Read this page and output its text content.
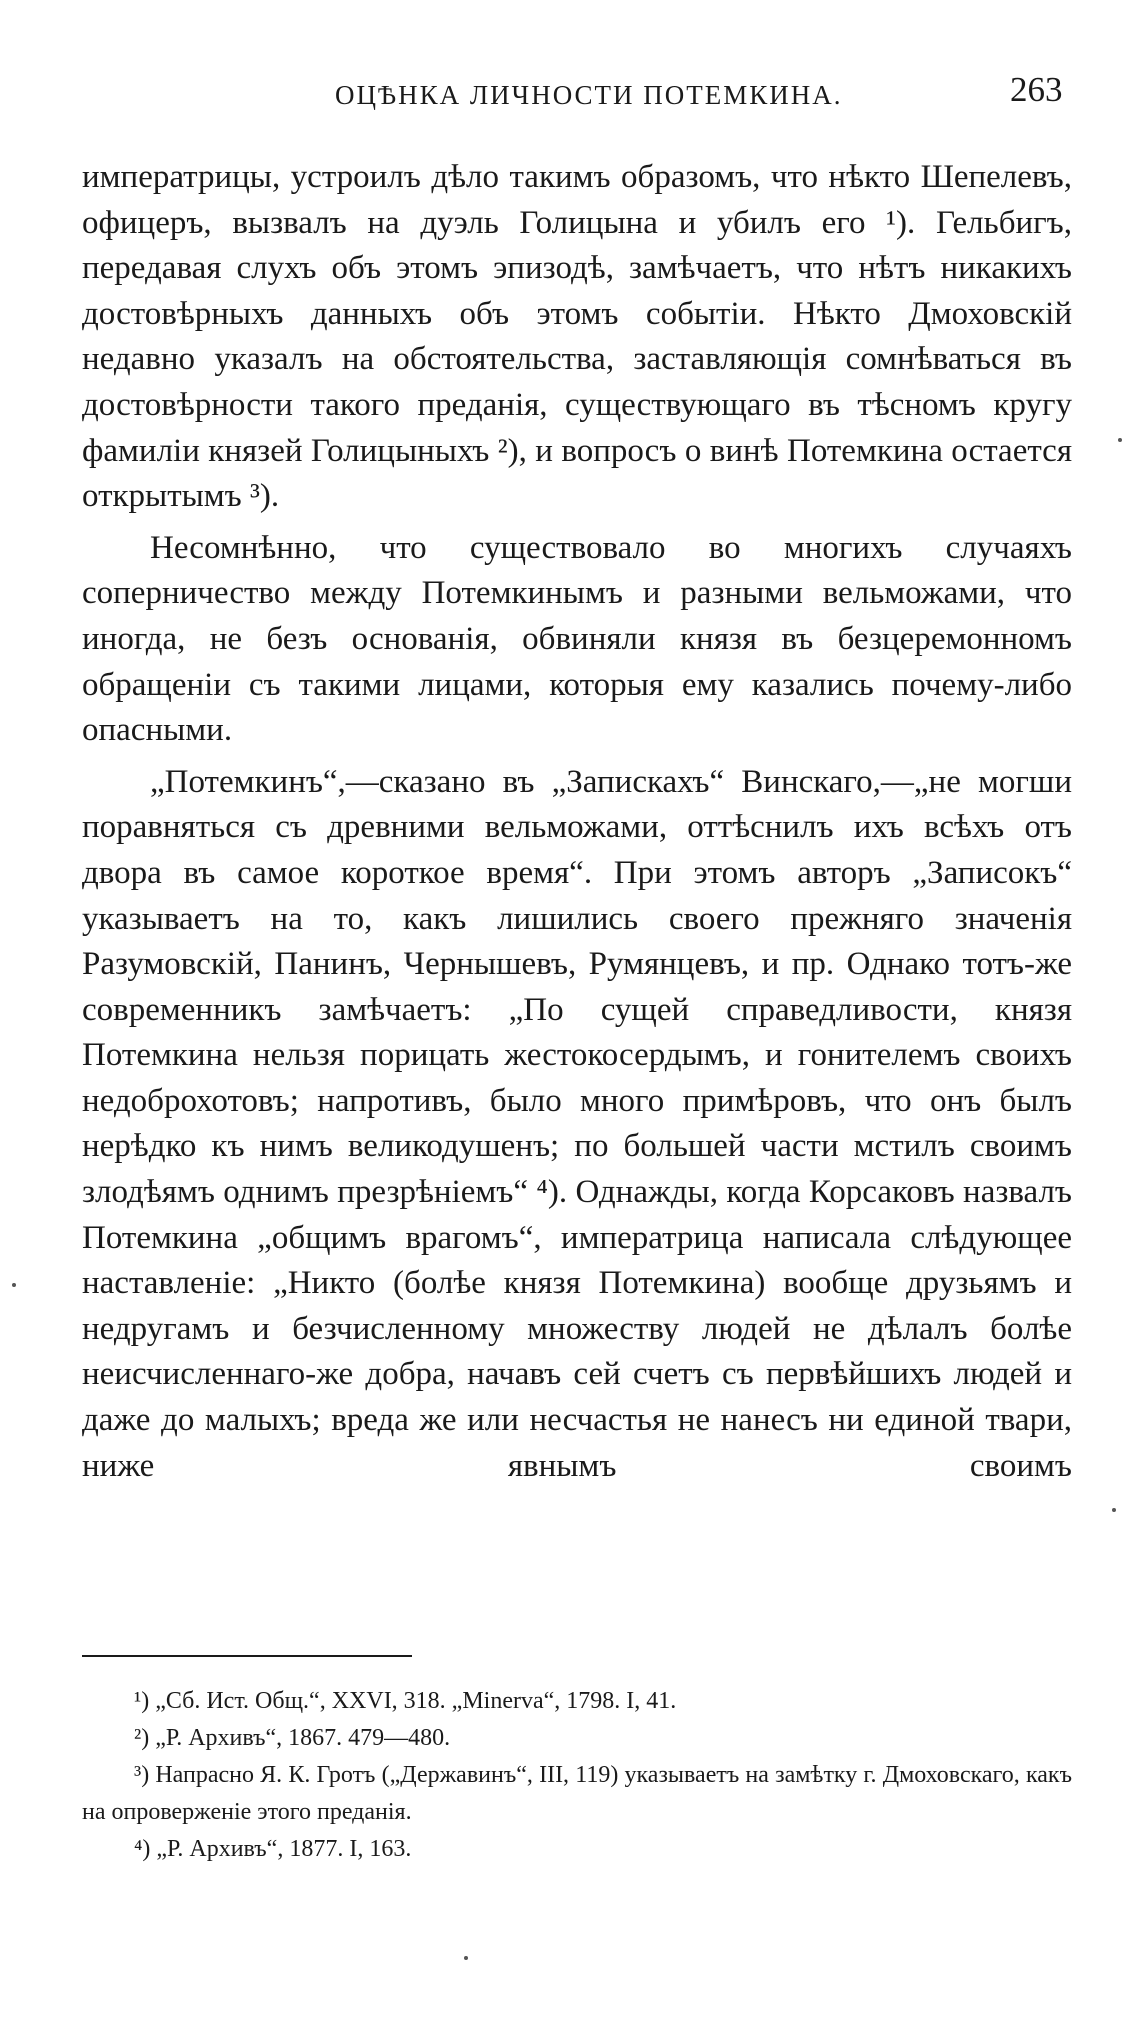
ОЦѢНКА ЛИЧНОСТИ ПОТЕМКИНА.	263

императрицы, устроилъ дѣло такимъ образомъ, что нѣкто Шепелевъ, офицеръ, вызвалъ на дуэль Голицына и убилъ его ¹). Гельбигъ, передавая слухъ объ этомъ эпизодѣ, замѣчаетъ, что нѣтъ никакихъ достовѣрныхъ данныхъ объ этомъ событіи. Нѣкто Дмоховскій недавно указалъ на обстоятельства, заставляющія сомнѣваться въ достовѣрности такого преданія, существующаго въ тѣсномъ кругу фамиліи князей Голицыныхъ ²), и вопросъ о винѣ Потемкина остается открытымъ ³).

Несомнѣнно, что существовало во многихъ случаяхъ соперничество между Потемкинымъ и разными вельможами, что иногда, не безъ основанія, обвиняли князя въ безцеремонномъ обращеніи съ такими лицами, которыя ему казались почему-либо опасными.

„Потемкинъ“,—сказано въ „Запискахъ“ Винскаго,—„не могши поравняться съ древними вельможами, оттѣснилъ ихъ всѣхъ отъ двора въ самое короткое время“. При этомъ авторъ „Записокъ“ указываетъ на то, какъ лишились своего прежняго значенія Разумовскій, Панинъ, Чернышевъ, Румянцевъ, и пр. Однако тотъ-же современникъ замѣчаетъ: „По сущей справедливости, князя Потемкина нельзя порицать жестокосердымъ, и гонителемъ своихъ недоброхотовъ; напротивъ, было много примѣровъ, что онъ былъ нерѣдко къ нимъ великодушенъ; по большей части мстилъ своимъ злодѣямъ однимъ презрѣніемъ“ ⁴). Однажды, когда Корсаковъ назвалъ Потемкина „общимъ врагомъ“, императрица написала слѣдующее наставленіе: „Никто (болѣе князя Потемкина) вообще друзьямъ и недругамъ и безчисленному множеству людей не дѣлалъ болѣе неисчисленнаго-же добра, начавъ сей счетъ съ первѣйшихъ людей и даже до малыхъ; вреда же или несчастья не нанесъ ни единой твари, ниже явнымъ своимъ

¹) „Сб. Ист. Общ.“, XXVI, 318. „Minerva“, 1798. I, 41.

²) „Р. Архивъ“, 1867. 479—480.

³) Напрасно Я. К. Гротъ („Державинъ“, III, 119) указываетъ на замѣтку г. Дмоховскаго, какъ на опроверженіе этого преданія.

⁴) „Р. Архивъ“, 1877. I, 163.
